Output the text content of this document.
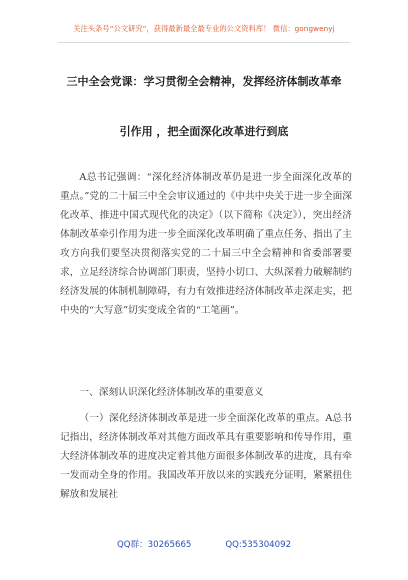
关注头条号“公文研究”，获得最新最全最专业的公文资料库！ 微信：gongwenyj
三中全会党课：学习贯彻全会精神，发挥经济体制改革牵
引作用 ，把全面深化改革进行到底

A总书记强调：“深化经济体制改革仍是进一步全面深化改革的重点。”党的二十届三中全会审议通过的《中共中央关于进一步全面深化改革、推进中国式现代化的决定》（以下简称《决定》），突出经济体制改革牵引作用为进一步全面深化改革明确了重点任务、指出了主攻方向我们要坚决贯彻落实党的二十届三中全会精神和省委部署要求，立足经济综合协调部门职责，坚持小切口、大纵深着力破解制约经济发展的体制机制障碍，有力有效推进经济体制改革走深走实，把中央的“大写意”切实变成全省的“工笔画”。

一、深刻认识深化经济体制改革的重要意义

（一）深化经济体制改革是进一步全面深化改革的重点。A总书记指出，经济体制改革对其他方面改革具有重要影响和传导作用，重大经济体制改革的进度决定着其他方面很多体制改革的进度，具有牵一发而动全身的作用。我国改革开放以来的实践充分证明，紧紧扭住解放和发展社

QQ群：30265665	QQ:535304092
